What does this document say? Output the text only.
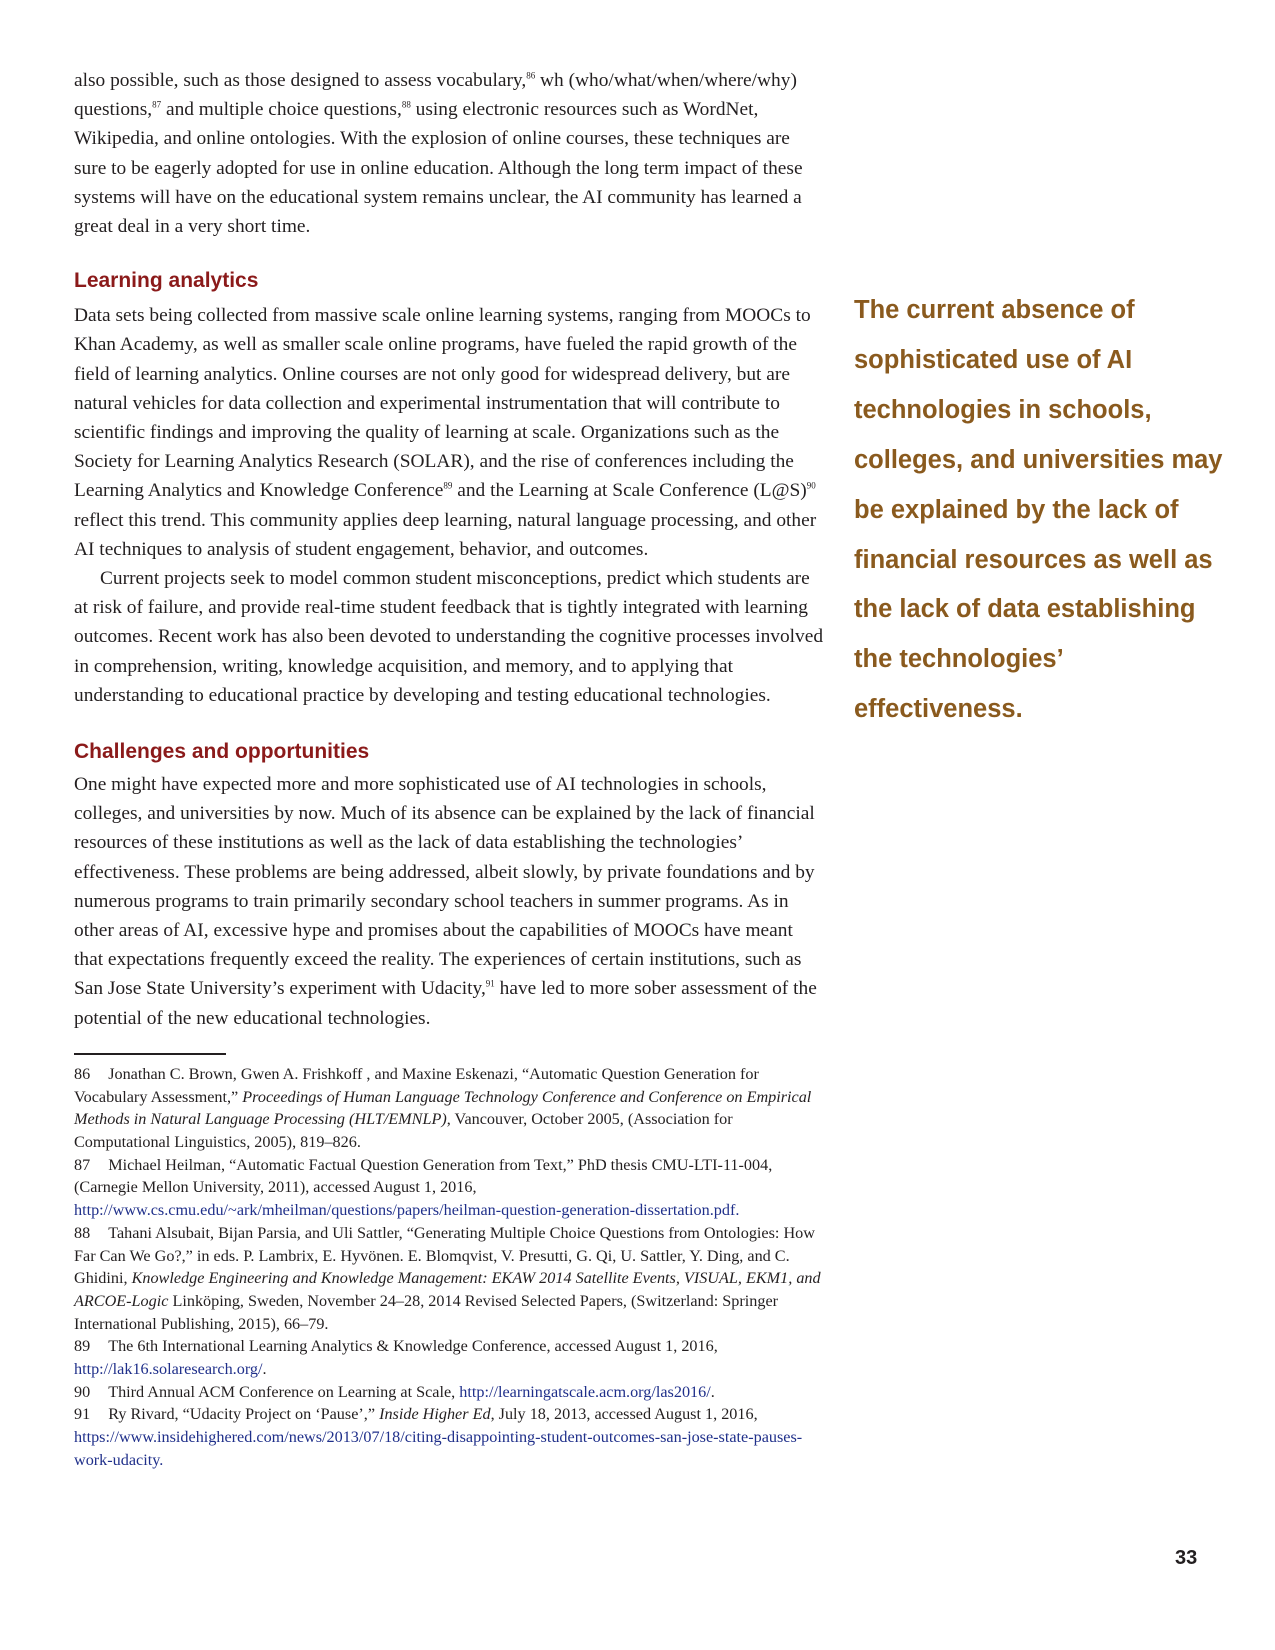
also possible, such as those designed to assess vocabulary,$^{86}$ wh (who/what/when/where/why) questions,$^{87}$ and multiple choice questions,$^{88}$ using electronic resources such as WordNet, Wikipedia, and online ontologies. With the explosion of online courses, these techniques are sure to be eagerly adopted for use in online education. Although the long term impact of these systems will have on the educational system remains unclear, the AI community has learned a great deal in a very short time.

Learning analytics

Data sets being collected from massive scale online learning systems, ranging from MOOCs to Khan Academy, as well as smaller scale online programs, have fueled the rapid growth of the field of learning analytics. Online courses are not only good for widespread delivery, but are natural vehicles for data collection and experimental instrumentation that will contribute to scientific findings and improving the quality of learning at scale. Organizations such as the Society for Learning Analytics Research (SOLAR), and the rise of conferences including the Learning Analytics and Knowledge Conference$^{89}$ and the Learning at Scale Conference (L@S)$^{90}$ reflect this trend. This community applies deep learning, natural language processing, and other AI techniques to analysis of student engagement, behavior, and outcomes.

Current projects seek to model common student misconceptions, predict which students are at risk of failure, and provide real-time student feedback that is tightly integrated with learning outcomes. Recent work has also been devoted to understanding the cognitive processes involved in comprehension, writing, knowledge acquisition, and memory, and to applying that understanding to educational practice by developing and testing educational technologies.

Challenges and opportunities

One might have expected more and more sophisticated use of AI technologies in schools, colleges, and universities by now. Much of its absence can be explained by the lack of financial resources of these institutions as well as the lack of data establishing the technologies’ effectiveness. These problems are being addressed, albeit slowly, by private foundations and by numerous programs to train primarily secondary school teachers in summer programs. As in other areas of AI, excessive hype and promises about the capabilities of MOOCs have meant that expectations frequently exceed the reality. The experiences of certain institutions, such as San Jose State University’s experiment with Udacity,$^{91}$ have led to more sober assessment of the potential of the new educational technologies.

86 Jonathan C. Brown, Gwen A. Frishkoff , and Maxine Eskenazi, “Automatic Question Generation for Vocabulary Assessment,” Proceedings of Human Language Technology Conference and Conference on Empirical Methods in Natural Language Processing (HLT/EMNLP), Vancouver, October 2005, (Association for Computational Linguistics, 2005), 819–826.

87 Michael Heilman, “Automatic Factual Question Generation from Text,” PhD thesis CMU-LTI-11-004, (Carnegie Mellon University, 2011), accessed August 1, 2016, http://www.cs.cmu.edu/~ark/mheilman/questions/papers/heilman-question-generation-dissertation.pdf.

88 Tahani Alsubait, Bijan Parsia, and Uli Sattler, “Generating Multiple Choice Questions from Ontologies: How Far Can We Go?,” in eds. P. Lambrix, E. Hyvönen. E. Blomqvist, V. Presutti, G. Qi, U. Sattler, Y. Ding, and C. Ghidini, Knowledge Engineering and Knowledge Management: EKAW 2014 Satellite Events, VISUAL, EKM1, and ARCOE-Logic Linköping, Sweden, November 24–28, 2014 Revised Selected Papers, (Switzerland: Springer International Publishing, 2015), 66–79.

89 The 6th International Learning Analytics & Knowledge Conference, accessed August 1, 2016, http://lak16.solaresearch.org/.

90 Third Annual ACM Conference on Learning at Scale, http://learningatscale.acm.org/las2016/.

91 Ry Rivard, “Udacity Project on ‘Pause’,” Inside Higher Ed, July 18, 2013, accessed August 1, 2016, https://www.insidehighered.com/news/2013/07/18/citing-disappointing-student-outcomes-san-jose-state-pauses-work-udacity.

The current absence of sophisticated use of AI technologies in schools, colleges, and universities may be explained by the lack of financial resources as well as the lack of data establishing the technologies’ effectiveness.

33
